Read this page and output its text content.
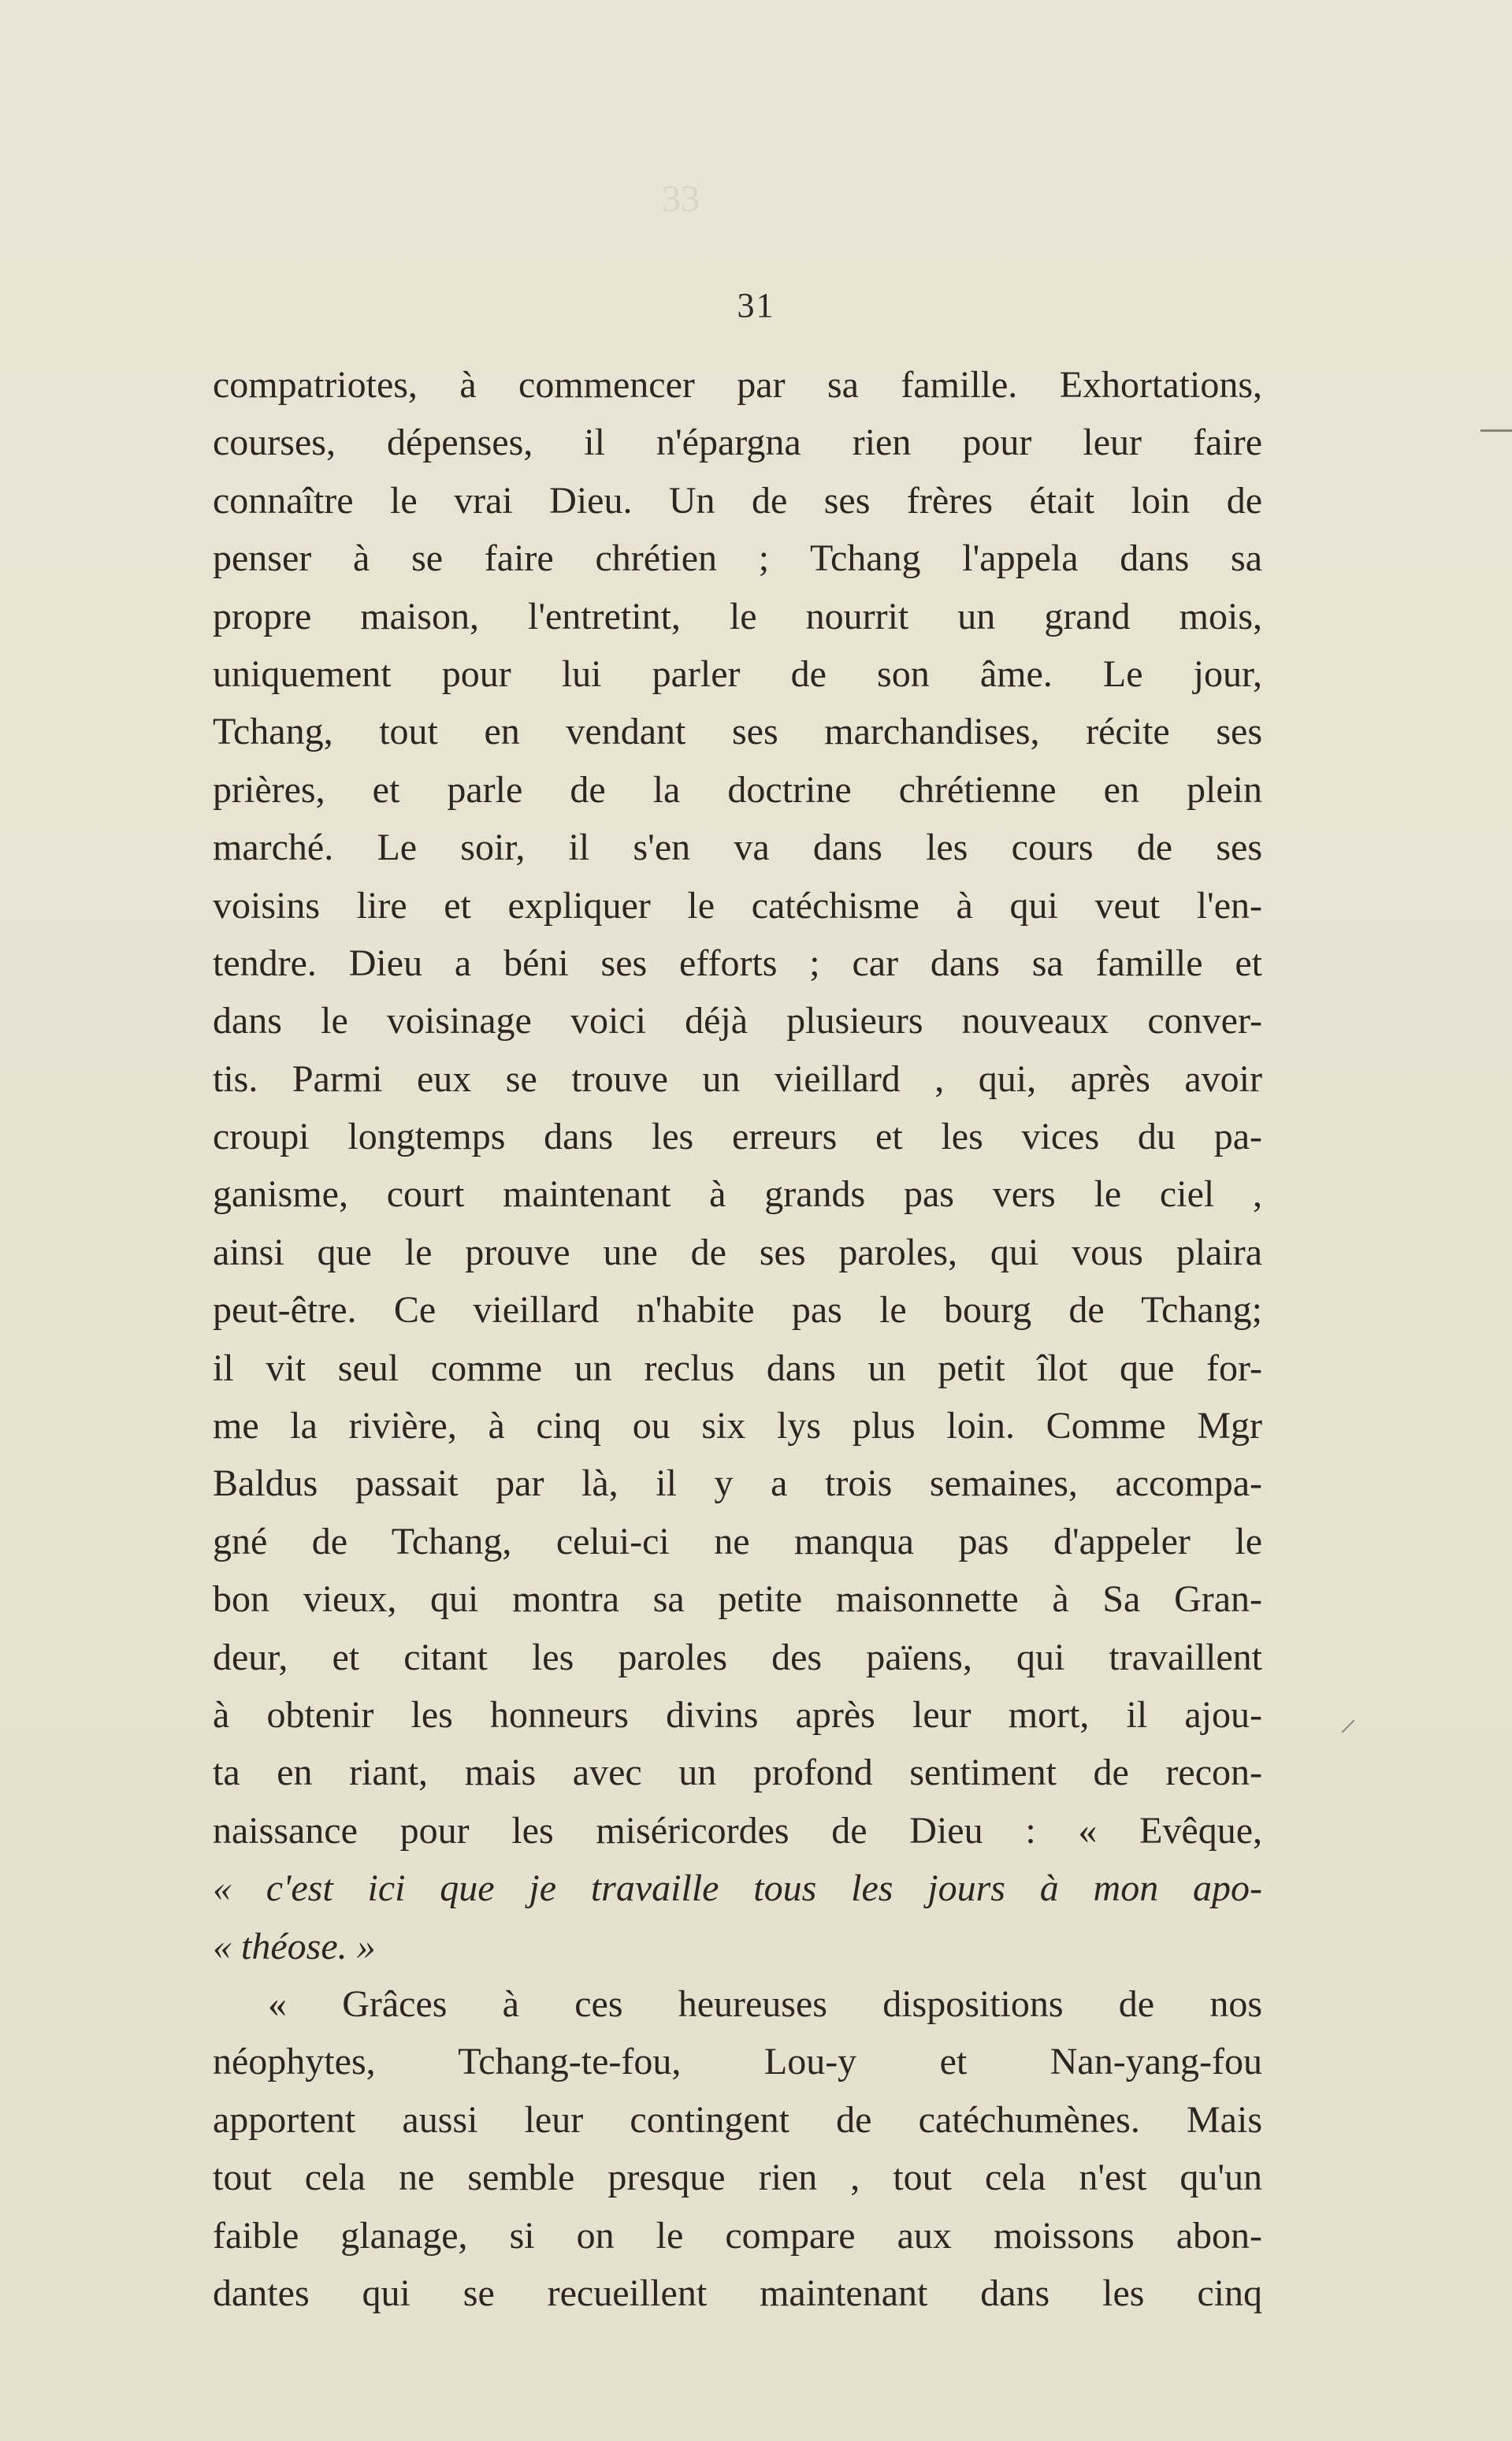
33
31
compatriotes, à commencer par sa famille. Exhortations,
courses, dépenses, il n'épargna rien pour leur faire
connaître le vrai Dieu. Un de ses frères était loin de
penser à se faire chrétien ; Tchang l'appela dans sa
propre maison, l'entretint, le nourrit un grand mois,
uniquement pour lui parler de son âme. Le jour,
Tchang, tout en vendant ses marchandises, récite ses
prières, et parle de la doctrine chrétienne en plein
marché. Le soir, il s'en va dans les cours de ses
voisins lire et expliquer le catéchisme à qui veut l'en-
tendre. Dieu a béni ses efforts ; car dans sa famille et
dans le voisinage voici déjà plusieurs nouveaux conver-
tis. Parmi eux se trouve un vieillard , qui, après avoir
croupi longtemps dans les erreurs et les vices du pa-
ganisme, court maintenant à grands pas vers le ciel ,
ainsi que le prouve une de ses paroles, qui vous plaira
peut-être. Ce vieillard n'habite pas le bourg de Tchang;
il vit seul comme un reclus dans un petit îlot que for-
me la rivière, à cinq ou six lys plus loin. Comme Mgr
Baldus passait par là, il y a trois semaines, accompa-
gné de Tchang, celui-ci ne manqua pas d'appeler le
bon vieux, qui montra sa petite maisonnette à Sa Gran-
deur, et citant les paroles des païens, qui travaillent
à obtenir les honneurs divins après leur mort, il ajou-
ta en riant, mais avec un profond sentiment de recon-
naissance pour les miséricordes de Dieu : « Evêque,
« c'est ici que je travaille tous les jours à mon apo-
« théose. »
« Grâces à ces heureuses dispositions de nos
néophytes, Tchang-te-fou, Lou-y et Nan-yang-fou
apportent aussi leur contingent de catéchumènes. Mais
tout cela ne semble presque rien , tout cela n'est qu'un
faible glanage, si on le compare aux moissons abon-
dantes qui se recueillent maintenant dans les cinq
